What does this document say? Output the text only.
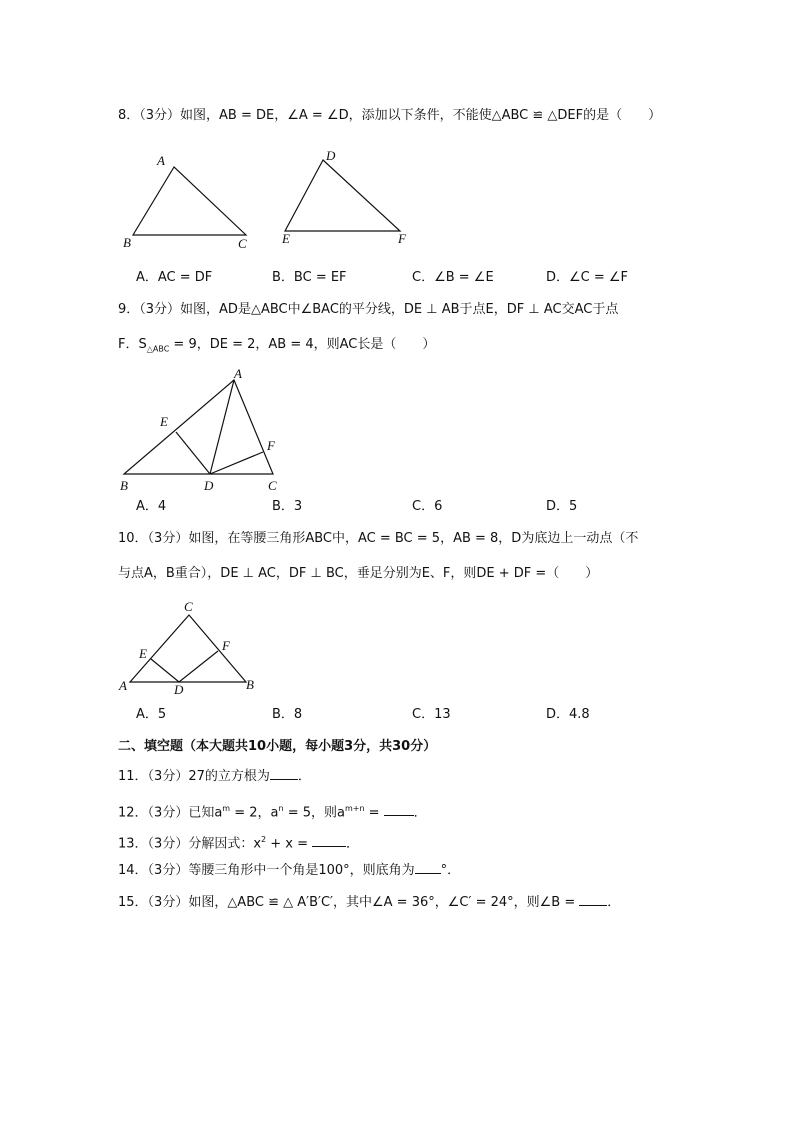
8．（3分）如图，AB = DE，∠A = ∠D，添加以下条件，不能使△ABC ≌ △DEF的是（　　）
A
B	C
D
E	F
A．AC = DF	B．BC = EF	C．∠B = ∠E	D．∠C = ∠F
9．（3分）如图，AD是△ABC中∠BAC的平分线，DE ⊥ AB于点E，DF ⊥ AC交AC于点
F．$S_{\triangle ABC} = 9$，DE = 2，AB = 4，则AC长是（　　）
A
B	C
D
E
F
A．4	B．3	C．6	D．5
10．（3分）如图，在等腰三角形ABC中，AC = BC = 5，AB = 8，D为底边上一动点（不
与点A，B重合），DE ⊥ AC，DF ⊥ BC，垂足分别为E、F，则DE + DF =（　　）
C
A	B
D
E
F
A．5	B．8	C．13	D．4.8
二、填空题（本大题共10小题，每小题3分，共30分）
11．（3分）27的立方根为 ．
12．（3分）已知$a^m = 2$，$a^n = 5$，则$a^{m+n}$ =	．
13．（3分）分解因式：$x^2 + x$ =	．
14．（3分）等腰三角形中一个角是100°，则底角为 °．
15．（3分）如图，△ABC ≌ △ A′B′C′，其中∠A = 36°，∠C′ = 24°，则∠B = ．
